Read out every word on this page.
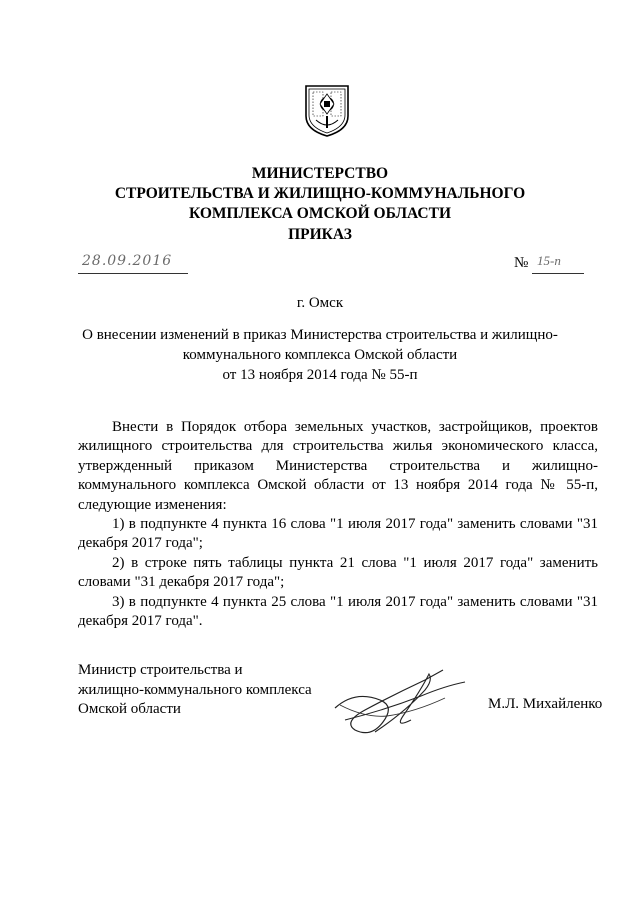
МИНИСТЕРСТВО
СТРОИТЕЛЬСТВА И ЖИЛИЩНО-КОММУНАЛЬНОГО
КОМПЛЕКСА ОМСКОЙ ОБЛАСТИ
ПРИКАЗ
28.09.2016	№ 15-п
г. Омск
О внесении изменений в приказ Министерства строительства и жилищно-
коммунального комплекса Омской области
от 13 ноября 2014 года № 55-п

Внести в Порядок отбора земельных участков, застройщиков, проектов жилищного строительства для строительства жилья экономического класса, утвержденный приказом Министерства строительства и жилищно-коммунального комплекса Омской области от 13 ноября 2014 года № 55-п,

следующие изменения:

1) в подпункте 4 пункта 16 слова "1 июля 2017 года" заменить словами "31 декабря 2017 года";

2) в строке пять таблицы пункта 21 слова "1 июля 2017 года" заменить словами "31 декабря 2017 года";

3) в подпункте 4 пункта 25 слова "1 июля 2017 года" заменить словами "31 декабря 2017 года".

Министр строительства и
жилищно-коммунального комплекса
Омской области	М.Л. Михайленко
